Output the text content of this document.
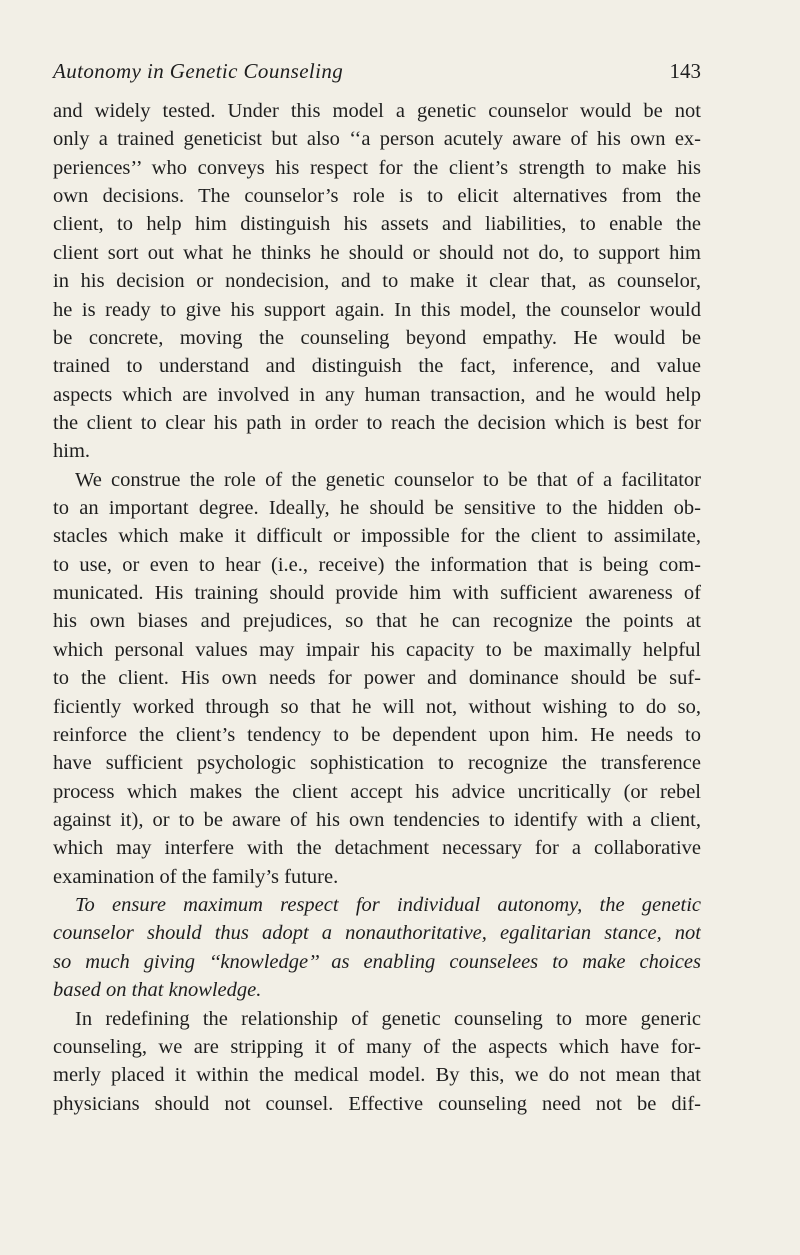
Autonomy in Genetic Counseling	143
and widely tested. Under this model a genetic counselor would be not
only a trained geneticist but also ‘‘a person acutely aware of his own ex-
periences’’ who conveys his respect for the client’s strength to make his
own decisions. The counselor’s role is to elicit alternatives from the
client, to help him distinguish his assets and liabilities, to enable the
client sort out what he thinks he should or should not do, to support him
in his decision or nondecision, and to make it clear that, as counselor,
he is ready to give his support again. In this model, the counselor would
be concrete, moving the counseling beyond empathy. He would be
trained to understand and distinguish the fact, inference, and value
aspects which are involved in any human transaction, and he would help
the client to clear his path in order to reach the decision which is best for
him.
We construe the role of the genetic counselor to be that of a facilitator
to an important degree. Ideally, he should be sensitive to the hidden ob-
stacles which make it difficult or impossible for the client to assimilate,
to use, or even to hear (i.e., receive) the information that is being com-
municated. His training should provide him with sufficient awareness of
his own biases and prejudices, so that he can recognize the points at
which personal values may impair his capacity to be maximally helpful
to the client. His own needs for power and dominance should be suf-
ficiently worked through so that he will not, without wishing to do so,
reinforce the client’s tendency to be dependent upon him. He needs to
have sufficient psychologic sophistication to recognize the transference
process which makes the client accept his advice uncritically (or rebel
against it), or to be aware of his own tendencies to identify with a client,
which may interfere with the detachment necessary for a collaborative
examination of the family’s future.
To ensure maximum respect for individual autonomy, the genetic
counselor should thus adopt a nonauthoritative, egalitarian stance, not
so much giving ‘‘knowledge’’ as enabling counselees to make choices
based on that knowledge.
In redefining the relationship of genetic counseling to more generic
counseling, we are stripping it of many of the aspects which have for-
merly placed it within the medical model. By this, we do not mean that
physicians should not counsel. Effective counseling need not be dif-
